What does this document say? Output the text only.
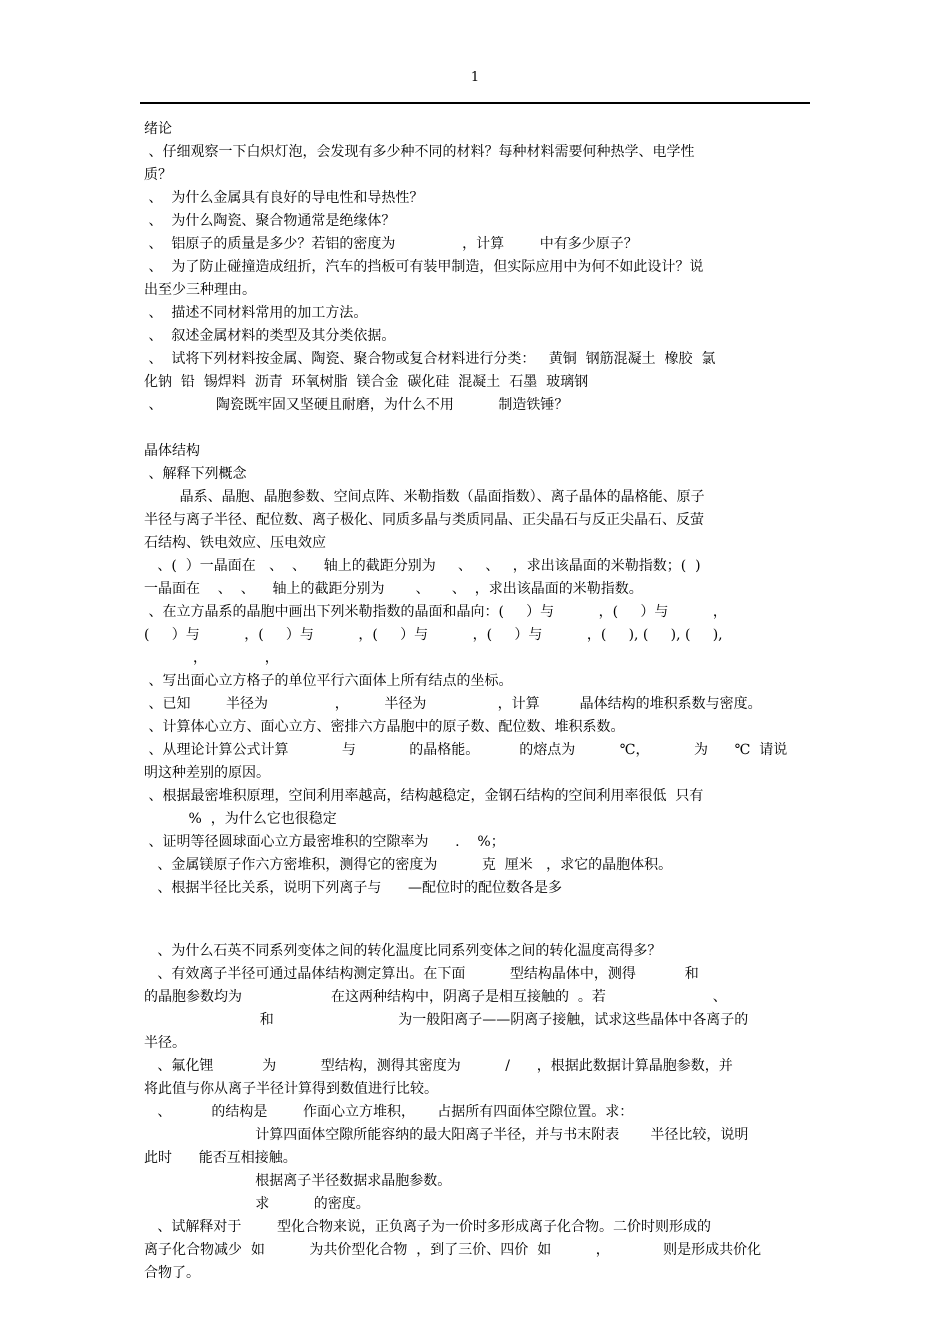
1
绪论
、仔细观察一下白炽灯泡，会发现有多少种不同的材料？每种材料需要何种热学、电学性
质？
、  为什么金属具有良好的导电性和导热性？
、  为什么陶瓷、聚合物通常是绝缘体？
、  铝原子的质量是多少？若铝的密度为               ，计算        中有多少原子？
、  为了防止碰撞造成纽折，汽车的挡板可有装甲制造，但实际应用中为何不如此设计？说
出至少三种理由。
、  描述不同材料常用的加工方法。
、  叙述金属材料的类型及其分类依据。
、  试将下列材料按金属、陶瓷、聚合物或复合材料进行分类：   黄铜  钢筋混凝土  橡胶  氯
化钠  铅  锡焊料  沥青  环氧树脂  镁合金  碳化硅  混凝土  石墨  玻璃钢
、            陶瓷既牢固又坚硬且耐磨，为什么不用          制造铁锤？
晶体结构
、解释下列概念
晶系、晶胞、晶胞参数、空间点阵、米勒指数（晶面指数）、离子晶体的晶格能、原子
半径与离子半径、配位数、离子极化、同质多晶与类质同晶、正尖晶石与反正尖晶石、反萤
石结构、铁电效应、压电效应
、(  ）一晶面在   、  、    轴上的截距分别为     、   、   ，求出该晶面的米勒指数；(  )
一晶面在    、  、    轴上的截距分别为       、     、  ，求出该晶面的米勒指数。
、在立方晶系的晶胞中画出下列米勒指数的晶面和晶向：(     ）与          ，(     ）与          ，
(     ）与          ，(     ）与          ，(     ）与          ，(     ）与          ，(     ), (     ), (     ),
，             ，
、写出面心立方格子的单位平行六面体上所有结点的坐标。
、已知        半径为               ，        半径为                ，计算         晶体结构的堆积系数与密度。
、计算体心立方、面心立方、密排六方晶胞中的原子数、配位数、堆积系数。
、从理论计算公式计算            与            的晶格能。         的熔点为          ℃，          为      ℃  请说
明这种差别的原因。
、根据最密堆积原理，空间利用率越高，结构越稳定，金钢石结构的空间利用率很低  只有
%  ，为什么它也很稳定
、证明等径圆球面心立方最密堆积的空隙率为      .    %；
、金属镁原子作六方密堆积，测得它的密度为          克  厘米   ，求它的晶胞体积。
、根据半径比关系，说明下列离子与      —配位时的配位数各是多
、为什么石英不同系列变体之间的转化温度比同系列变体之间的转化温度高得多？
、有效离子半径可通过晶体结构测定算出。在下面          型结构晶体中，测得           和
的晶胞参数均为                    在这两种结构中，阴离子是相互接触的  。若                        、
和                            为一般阳离子——阴离子接触，试求这些晶体中各离子的
半径。
、氟化锂           为          型结构，测得其密度为          /      ，根据此数据计算晶胞参数，并
将此值与你从离子半径计算得到数值进行比较。
、         的结构是        作面心立方堆积，     占据所有四面体空隙位置。求：
计算四面体空隙所能容纳的最大阳离子半径，并与书末附表       半径比较，说明
此时      能否互相接触。
根据离子半径数据求晶胞参数。
求          的密度。
、试解释对于        型化合物来说，正负离子为一价时多形成离子化合物。二价时则形成的
离子化合物减少  如          为共价型化合物  ，到了三价、四价  如          ，            则是形成共价化
合物了。
